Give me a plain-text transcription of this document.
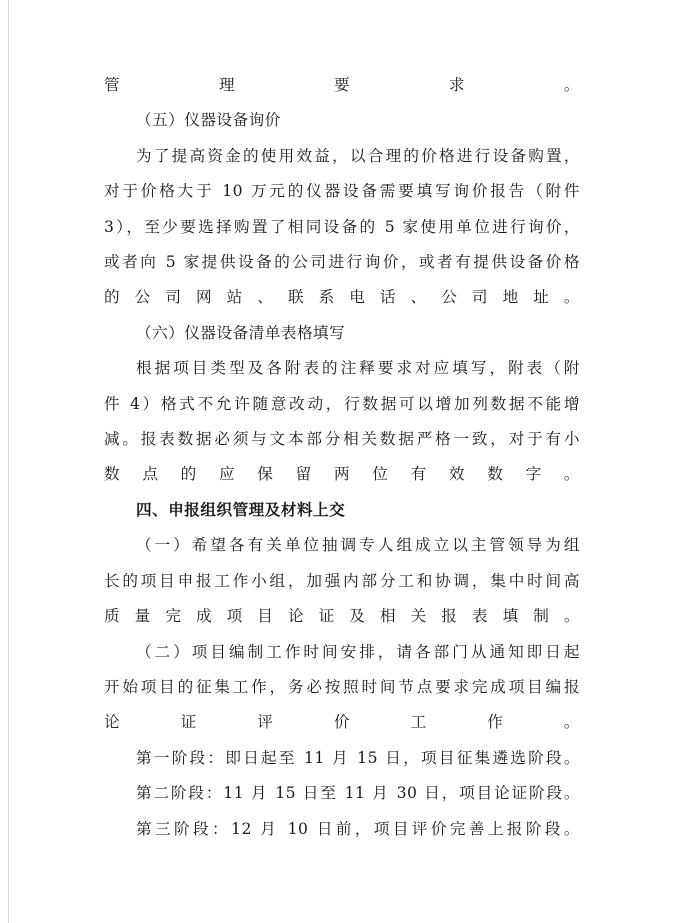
管理要求。

（五）仪器设备询价

为了提高资金的使用效益，以合理的价格进行设备购置，
对于价格大于 10 万元的仪器设备需要填写询价报告（附件
3），至少要选择购置了相同设备的 5 家使用单位进行询价，
或者向 5 家提供设备的公司进行询价，或者有提供设备价格
的公司网站、联系电话、公司地址。

（六）仪器设备清单表格填写

根据项目类型及各附表的注释要求对应填写，附表（附
件 4）格式不允许随意改动，行数据可以增加列数据不能增
减。报表数据必须与文本部分相关数据严格一致，对于有小
数点的应保留两位有效数字。

四、申报组织管理及材料上交

（一）希望各有关单位抽调专人组成立以主管领导为组
长的项目申报工作小组，加强内部分工和协调，集中时间高
质量完成项目论证及相关报表填制。

（二）项目编制工作时间安排，请各部门从通知即日起
开始项目的征集工作，务必按照时间节点要求完成项目编报
论证评价工作。

第一阶段：即日起至 11 月 15 日，项目征集遴选阶段。

第二阶段：11 月 15 日至 11 月 30 日，项目论证阶段。

第三阶段：12 月 10 日前，项目评价完善上报阶段。
